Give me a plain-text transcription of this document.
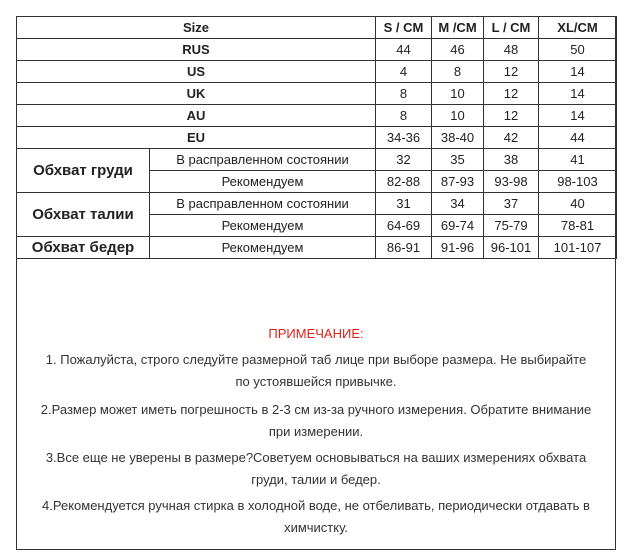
Size		S / CM	M /CM	L / CM	XL/CM
RUS		44	46	48	50
US		4	8	12	14
UK		8	10	12	14
AU		8	10	12	14
EU		34-36	38-40	42	44
Обхват груди	В расправленном состоянии	32	35	38	41
	Рекомендуем	82-88	87-93	93-98	98-103
Обхват талии	В расправленном состоянии	31	34	37	40
	Рекомендуем	64-69	69-74	75-79	78-81
Обхват бедер	Рекомендуем	86-91	91-96	96-101	101-107
ПРИМЕЧАНИЕ:
1. Пожалуйста, строго следуйте размерной таб лице при выборе размера. Не выбирайте
по устоявшейся привычке.
2.Размер может иметь погрешность в 2-3 см из-за ручного измерения. Обратите внимание
при измерении.
3.Все еще не уверены в размере?Советуем основываться на ваших измерениях обхвата
груди, талии и бедер.
4.Рекомендуется ручная стирка в холодной воде, не отбеливать, периодически отдавать в
химчистку.
